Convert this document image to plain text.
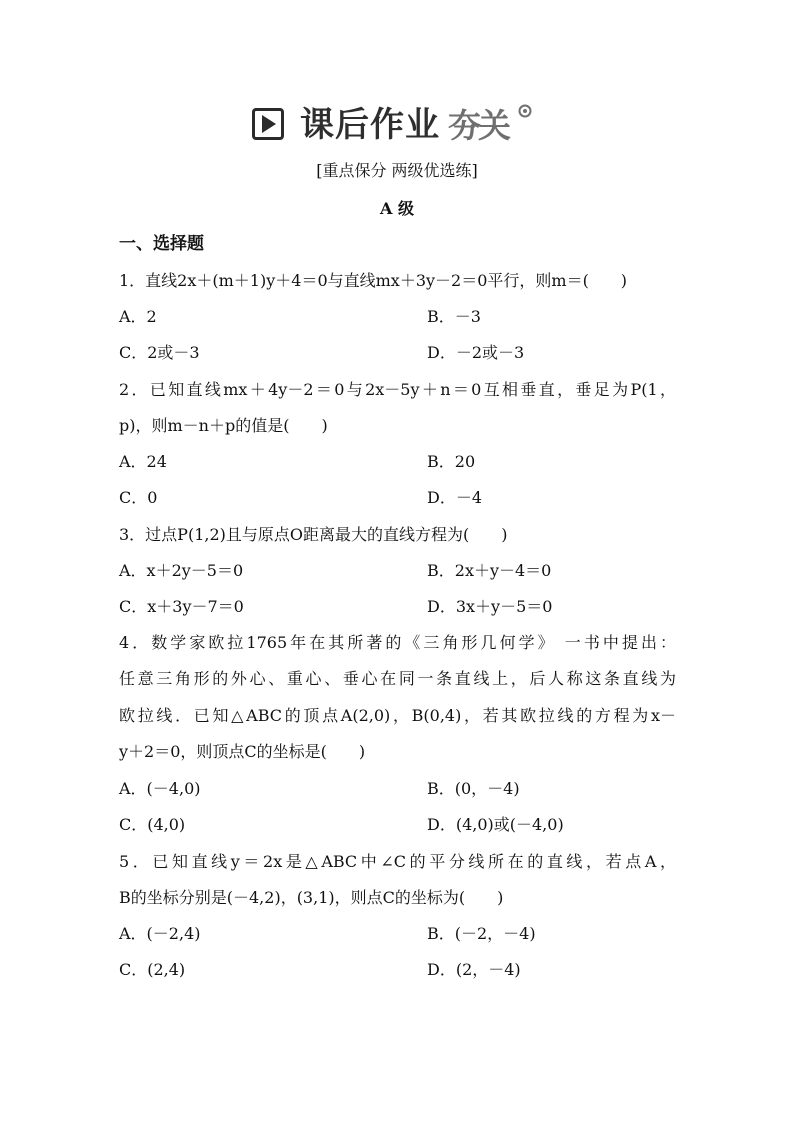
课后作业 夯关
[重点保分 两级优选练]
A 级
一、选择题
1．直线2x＋(m＋1)y＋4＝0与直线mx＋3y－2＝0平行，则m＝(　　)
A．2	B．－3
C．2或－3	D．－2或－3
2．已知直线mx＋4y－2＝0与2x－5y＋n＝0互相垂直，垂足为P(1，
p)，则m－n＋p的值是(　　)
A．24	B．20
C．0	D．－4
3．过点P(1,2)且与原点O距离最大的直线方程为(　　)
A．x＋2y－5＝0	B．2x＋y－4＝0
C．x＋3y－7＝0	D．3x＋y－5＝0
4．数学家欧拉1765年在其所著的《三角形几何学》 一书中提出：
任意三角形的外心、重心、垂心在同一条直线上，后人称这条直线为
欧拉线．已知△ABC的顶点A(2,0)，B(0,4)，若其欧拉线的方程为x－
y＋2＝0，则顶点C的坐标是(　　)
A．(－4,0)	B．(0，－4)
C．(4,0)	D．(4,0)或(－4,0)
5．已知直线y＝2x是△ABC中∠C的平分线所在的直线，若点A，
B的坐标分别是(－4,2)，(3,1)，则点C的坐标为(　　)
A．(－2,4)	B．(－2，－4)
C．(2,4)	D．(2，－4)
